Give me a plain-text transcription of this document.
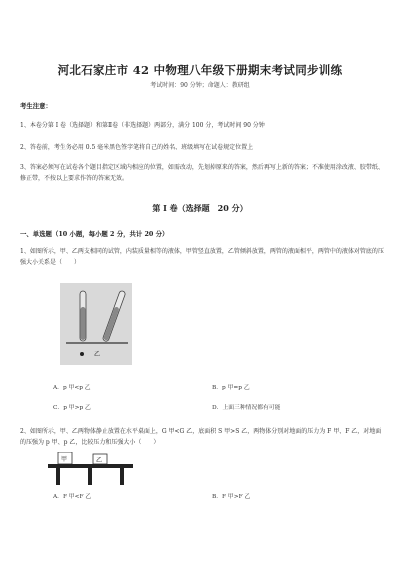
河北石家庄市 42 中物理八年级下册期末考试同步训练
考试时间：90 分钟；命题人：教研组
考生注意：
1、本卷分第 I 卷（选择题）和第Ⅱ卷（非选择题）两部分，满分 100 分，考试时间 90 分钟
2、答卷前，考生务必用 0.5 毫米黑色签字笔将自己的姓名、班级填写在试卷规定位置上
3、答案必须写在试卷各个题目指定区域内相应的位置，如需改动，先划掉原来的答案，然后再写上新的答案；不准使用涂改液、胶带纸、修正带，不按以上要求作答的答案无效。
第 I 卷（选择题　20 分）
一、单选题（10 小题，每小题 2 分，共计 20 分）
1、如图所示，甲、乙两支相同的试管，内装质量相等的液体，甲管竖直放置，乙管倾斜放置，两管的液面相平，两管中的液体对管底的压强大小关系是（　　）
乙
A．p 甲<p 乙	B．p 甲=p 乙
C．p 甲>p 乙	D．上面三种情况都有可能
2、如图所示，甲、乙两物体静止放置在水平桌面上，G 甲<G 乙，底面积 S 甲>S 乙，两物体分别对地面的压力为 F 甲、F 乙，对地面的压强为 p 甲、p 乙，比较压力和压强大小（　　）
甲	乙
A．F 甲<F 乙	B．F 甲>F 乙
